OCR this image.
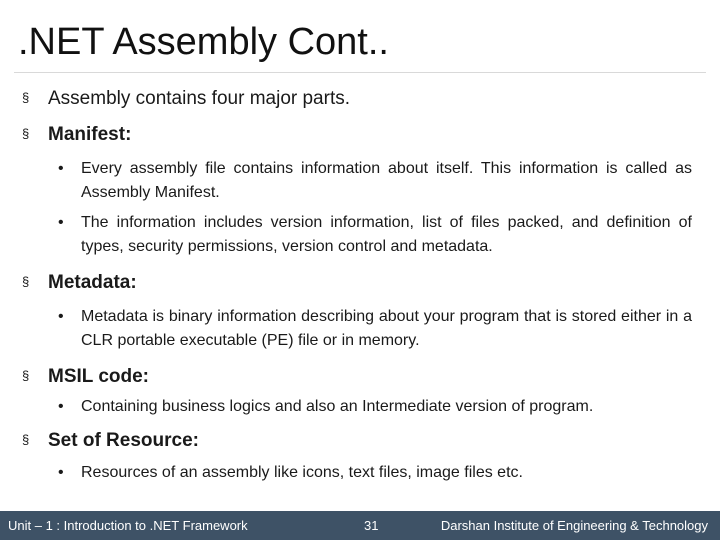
.NET Assembly Cont..
§ Assembly contains four major parts.
§ Manifest:
• Every assembly file contains information about itself. This information is called as Assembly Manifest.
• The information includes version information, list of files packed, and definition of types, security permissions, version control and metadata.
§ Metadata:
• Metadata is binary information describing about your program that is stored either in a CLR portable executable (PE) file or in memory.
§ MSIL code:
• Containing business logics and also an Intermediate version of program.
§ Set of Resource:
• Resources of an assembly like icons, text files, image files etc.
Unit – 1 : Introduction to .NET Framework	31	Darshan Institute of Engineering & Technology
